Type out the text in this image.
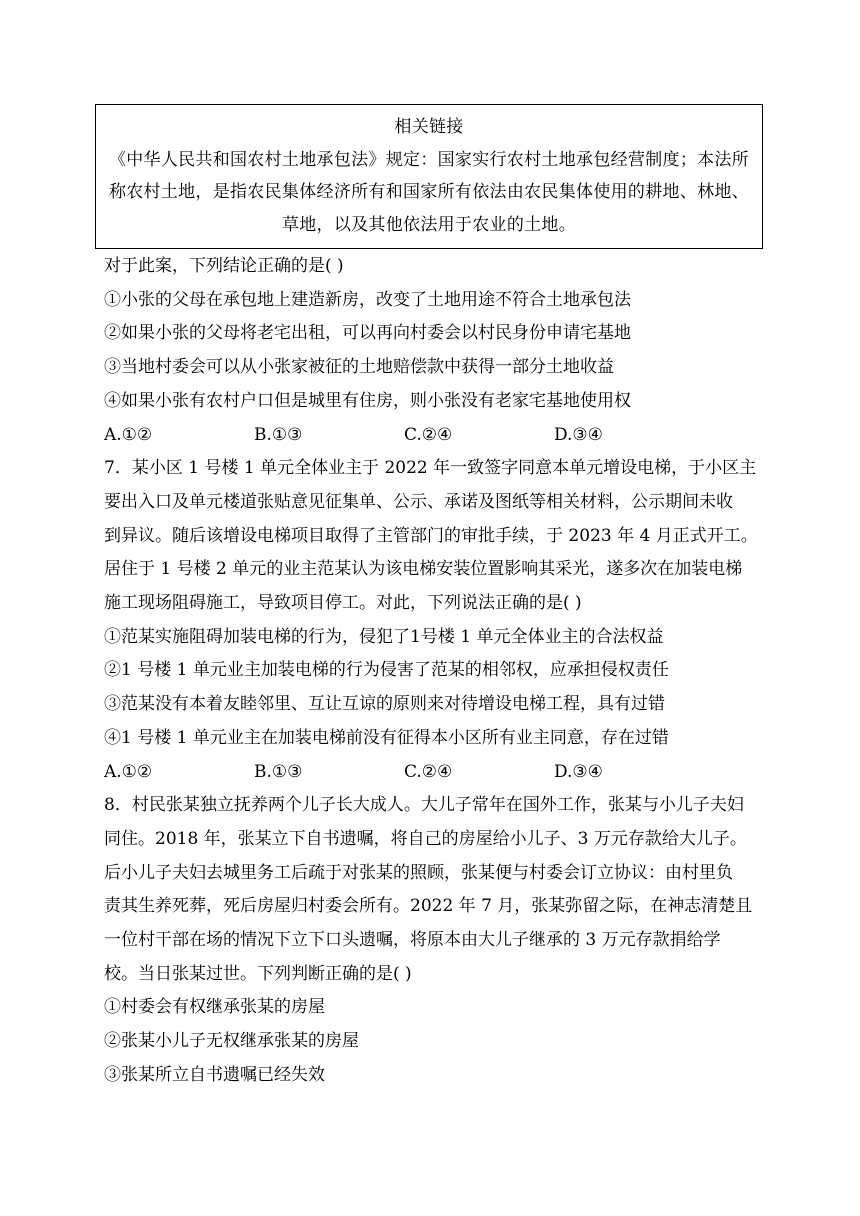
相关链接
《中华人民共和国农村土地承包法》规定：国家实行农村土地承包经营制度；本法所
称农村土地，是指农民集体经济所有和国家所有依法由农民集体使用的耕地、林地、
草地，以及其他依法用于农业的土地。
对于此案，下列结论正确的是( )
①小张的父母在承包地上建造新房，改变了土地用途不符合土地承包法
②如果小张的父母将老宅出租，可以再向村委会以村民身份申请宅基地
③当地村委会可以从小张家被征的土地赔偿款中获得一部分土地收益
④如果小张有农村户口但是城里有住房，则小张没有老家宅基地使用权
A.①②	B.①③	C.②④	D.③④
7．某小区 1 号楼 1 单元全体业主于 2022 年一致签字同意本单元增设电梯，于小区主
要出入口及单元楼道张贴意见征集单、公示、承诺及图纸等相关材料，公示期间未收
到异议。随后该增设电梯项目取得了主管部门的审批手续，于 2023 年 4 月正式开工。
居住于 1 号楼 2 单元的业主范某认为该电梯安装位置影响其采光，遂多次在加装电梯
施工现场阻碍施工，导致项目停工。对此，下列说法正确的是( )
①范某实施阻碍加装电梯的行为，侵犯了1号楼 1 单元全体业主的合法权益
②1 号楼 1 单元业主加装电梯的行为侵害了范某的相邻权，应承担侵权责任
③范某没有本着友睦邻里、互让互谅的原则来对待增设电梯工程，具有过错
④1 号楼 1 单元业主在加装电梯前没有征得本小区所有业主同意，存在过错
A.①②	B.①③	C.②④	D.③④
8．村民张某独立抚养两个儿子长大成人。大儿子常年在国外工作，张某与小儿子夫妇
同住。2018 年，张某立下自书遗嘱，将自己的房屋给小儿子、3 万元存款给大儿子。
后小儿子夫妇去城里务工后疏于对张某的照顾，张某便与村委会订立协议：由村里负
责其生养死葬，死后房屋归村委会所有。2022 年 7 月，张某弥留之际，在神志清楚且
一位村干部在场的情况下立下口头遗嘱，将原本由大儿子继承的 3 万元存款捐给学
校。当日张某过世。下列判断正确的是( )
①村委会有权继承张某的房屋
②张某小儿子无权继承张某的房屋
③张某所立自书遗嘱已经失效
